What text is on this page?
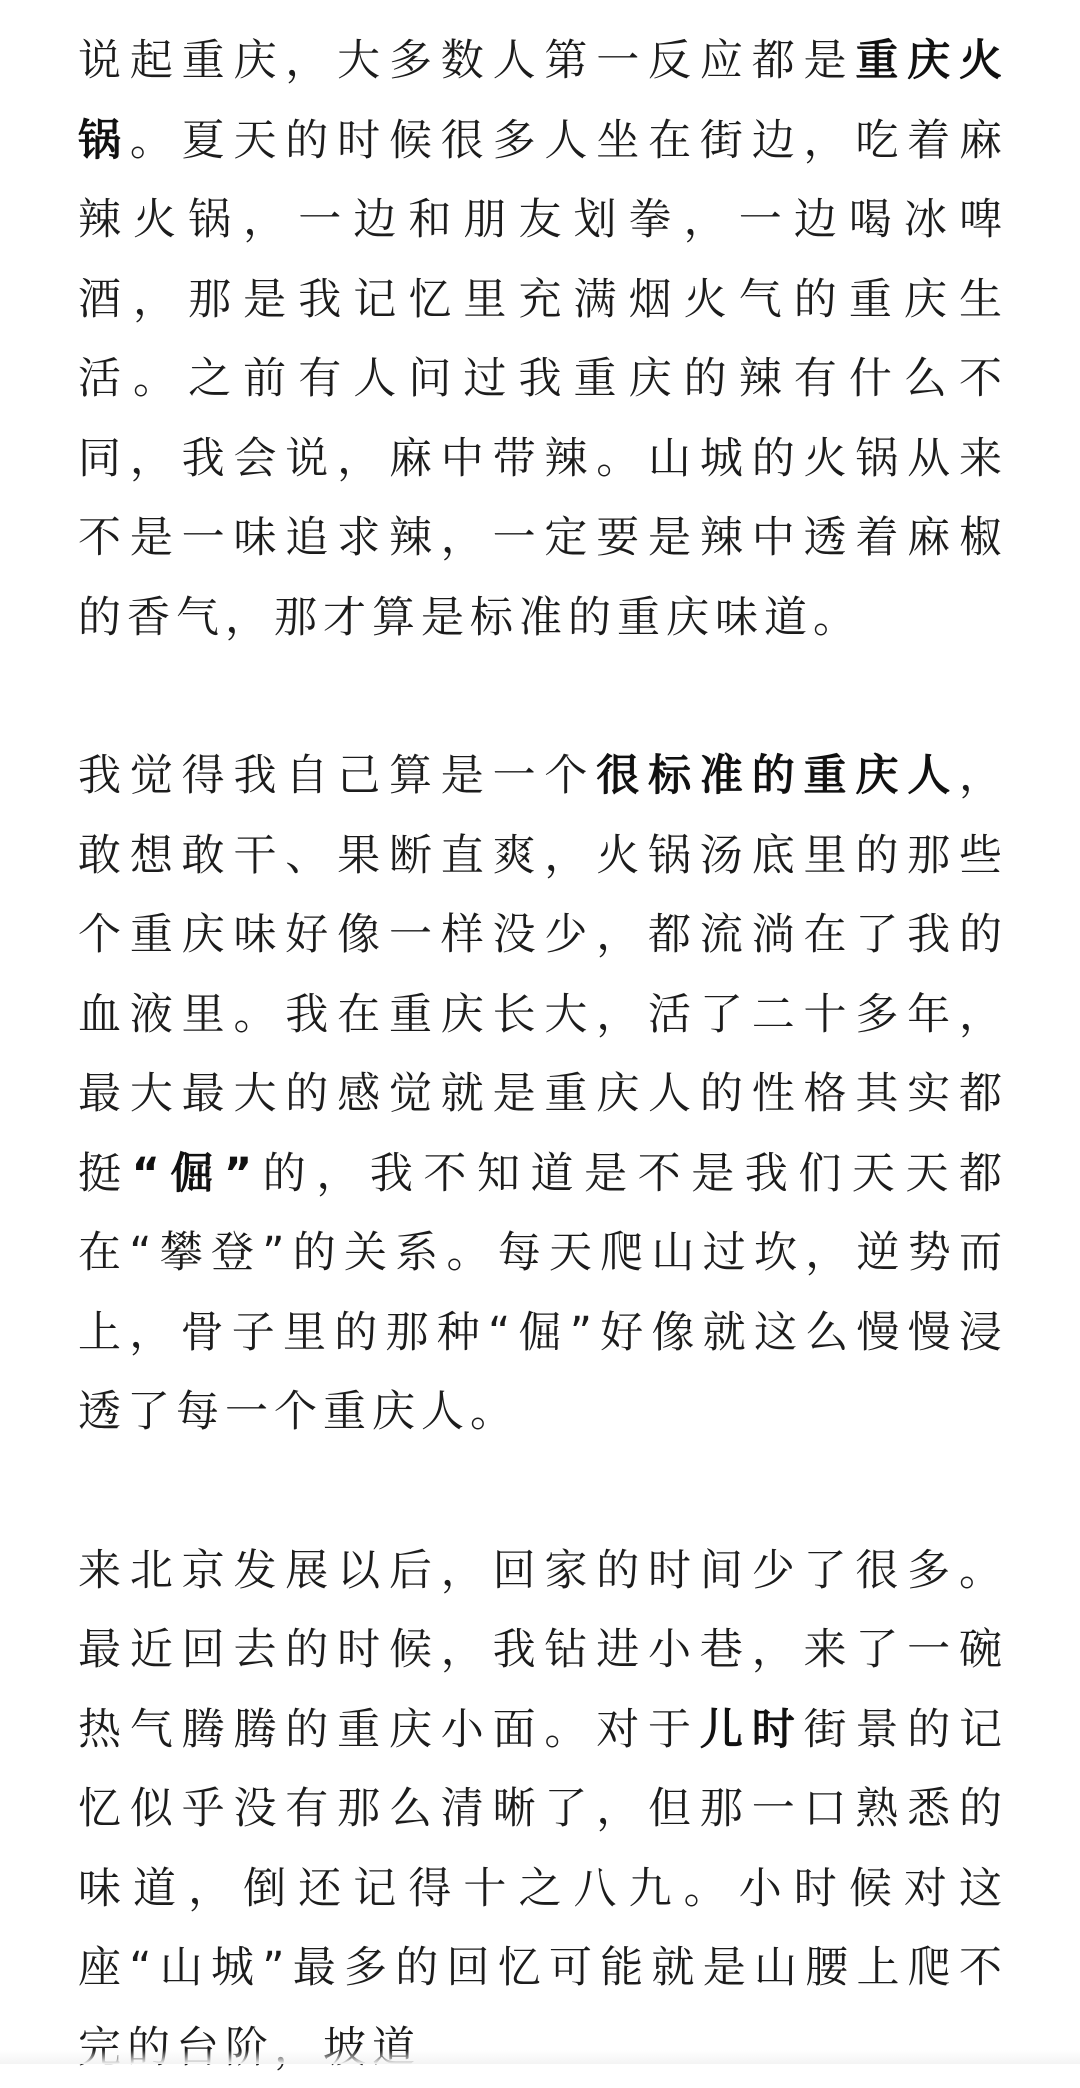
说起重庆，大多数人第一反应都是重庆火锅。夏天的时候很多人坐在街边，吃着麻辣火锅，一边和朋友划拳，一边喝冰啤酒，那是我记忆里充满烟火气的重庆生活。之前有人问过我重庆的辣有什么不同，我会说，麻中带辣。山城的火锅从来不是一味追求辣，一定要是辣中透着麻椒的香气，那才算是标准的重庆味道。

我觉得我自己算是一个很标准的重庆人，敢想敢干、果断直爽，火锅汤底里的那些个重庆味好像一样没少，都流淌在了我的血液里。我在重庆长大，活了二十多年，最大最大的感觉就是重庆人的性格其实都挺“倔”的，我不知道是不是我们天天都在“攀登”的关系。每天爬山过坎，逆势而上，骨子里的那种“倔”好像就这么慢慢浸透了每一个重庆人。

来北京发展以后，回家的时间少了很多。最近回去的时候，我钻进小巷，来了一碗热气腾腾的重庆小面。对于儿时街景的记忆似乎没有那么清晰了，但那一口熟悉的味道，倒还记得十之八九。小时候对这座“山城”最多的回忆可能就是山腰上爬不完的台阶，坡道
